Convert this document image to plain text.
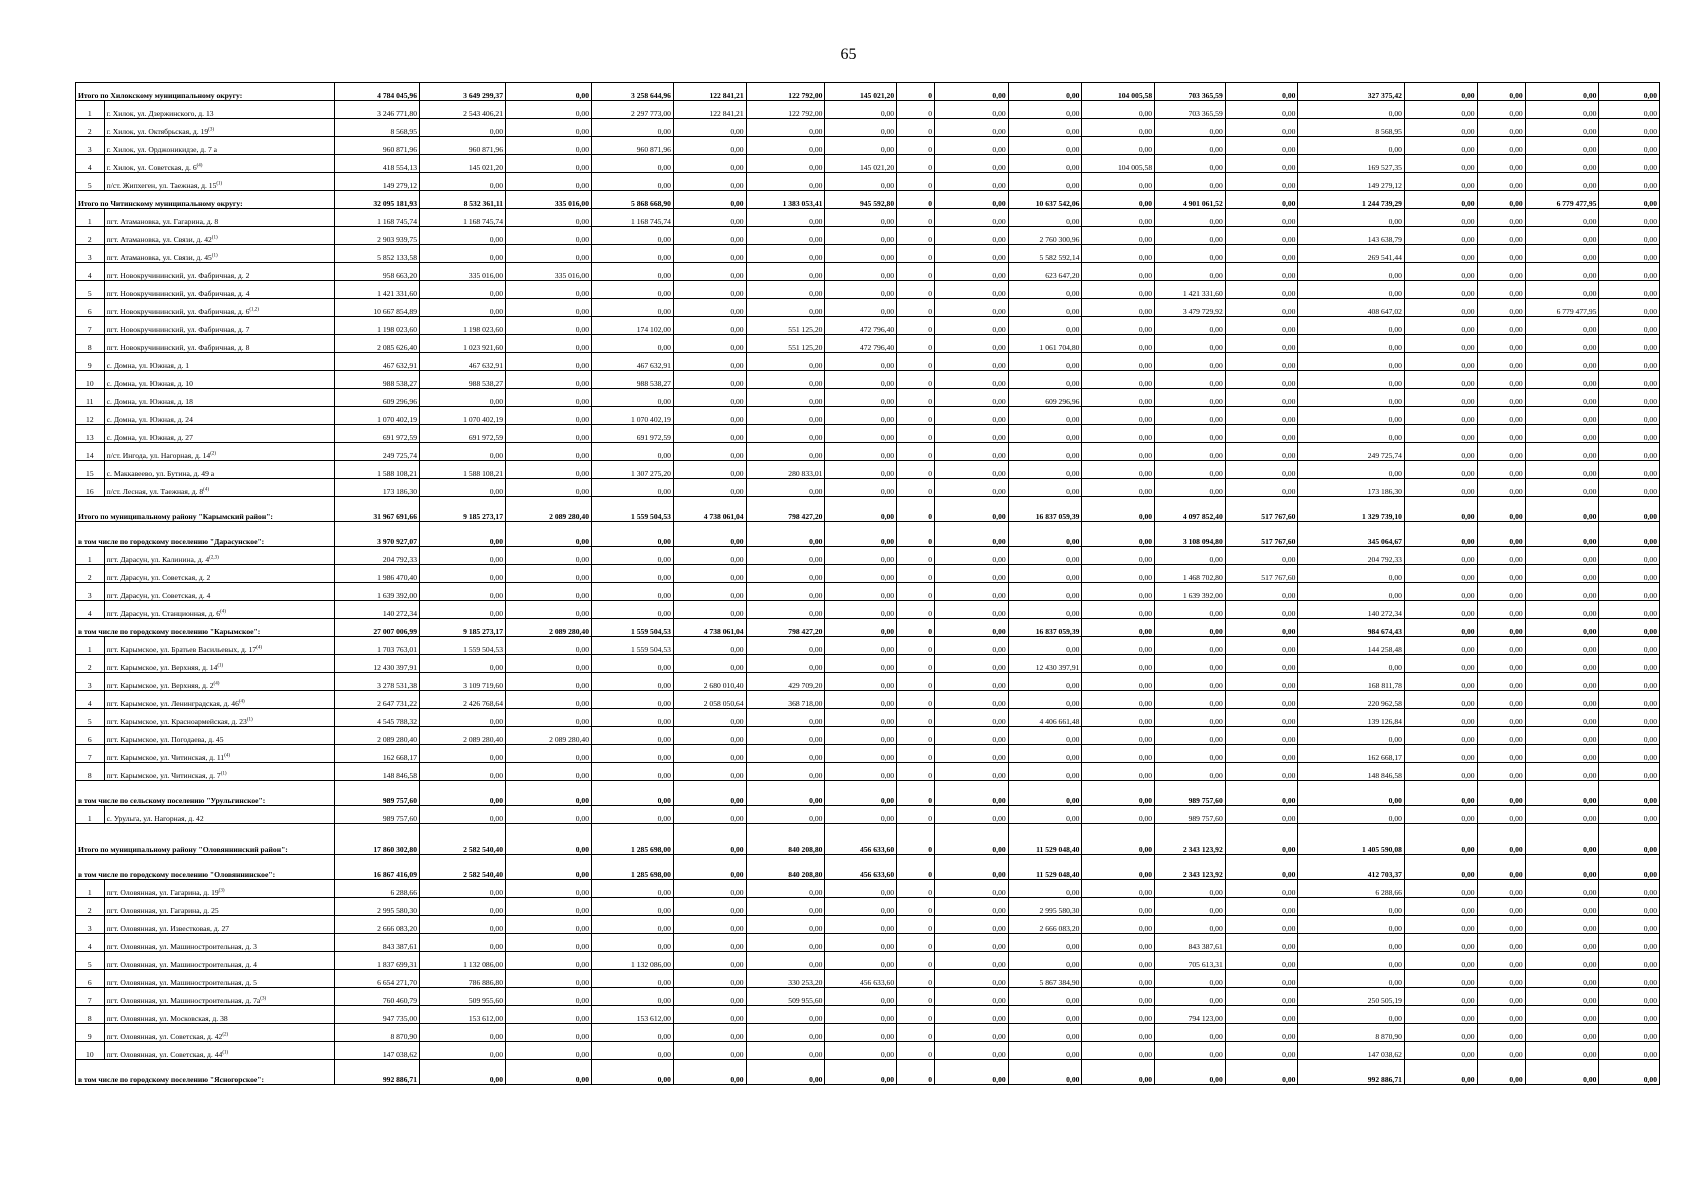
65
Итого по Хилокскому муниципальному округу:		4 784 045,96	3 649 299,37	0,00	3 258 644,96	122 841,21	122 792,00	145 021,20	0	0,00	0,00	104 005,58	703 365,59	0,00	327 375,42	0,00	0,00	0,00	0,00
1	г. Хилок, ул. Дзержинского, д. 13	3 246 771,80	2 543 406,21	0,00	2 297 773,00	122 841,21	122 792,00	0,00	0	0,00	0,00	0,00	703 365,59	0,00	0,00	0,00	0,00	0,00	0,00
2	г. Хилок, ул. Октябрьская, д. 19$^{(3)}$	8 568,95	0,00	0,00	0,00	0,00	0,00	0,00	0	0,00	0,00	0,00	0,00	0,00	8 568,95	0,00	0,00	0,00	0,00
3	г. Хилок, ул. Орджоникидзе, д. 7 а	960 871,96	960 871,96	0,00	960 871,96	0,00	0,00	0,00	0	0,00	0,00	0,00	0,00	0,00	0,00	0,00	0,00	0,00	0,00
4	г. Хилок, ул. Советская, д. 6$^{(4)}$	418 554,13	145 021,20	0,00	0,00	0,00	0,00	145 021,20	0	0,00	0,00	104 005,58	0,00	0,00	169 527,35	0,00	0,00	0,00	0,00
5	п/ст. Жипхеген, ул. Таежная, д. 15$^{(1)}$	149 279,12	0,00	0,00	0,00	0,00	0,00	0,00	0	0,00	0,00	0,00	0,00	0,00	149 279,12	0,00	0,00	0,00	0,00
Итого по Читинскому муниципальному округу:		32 095 181,93	8 532 361,11	335 016,00	5 868 668,90	0,00	1 383 053,41	945 592,80	0	0,00	10 637 542,06	0,00	4 901 061,52	0,00	1 244 739,29	0,00	0,00	6 779 477,95	0,00
1	пгт. Атамановка, ул. Гагарина, д. 8	1 168 745,74	1 168 745,74	0,00	1 168 745,74	0,00	0,00	0,00	0	0,00	0,00	0,00	0,00	0,00	0,00	0,00	0,00	0,00	0,00
2	пгт. Атамановка, ул. Связи, д. 42$^{(1)}$	2 903 939,75	0,00	0,00	0,00	0,00	0,00	0,00	0	0,00	2 760 300,96	0,00	0,00	0,00	143 638,79	0,00	0,00	0,00	0,00
3	пгт. Атамановка, ул. Связи, д. 45$^{(1)}$	5 852 133,58	0,00	0,00	0,00	0,00	0,00	0,00	0	0,00	5 582 592,14	0,00	0,00	0,00	269 541,44	0,00	0,00	0,00	0,00
4	пгт. Новокручининский, ул. Фабричная, д. 2	958 663,20	335 016,00	335 016,00	0,00	0,00	0,00	0,00	0	0,00	623 647,20	0,00	0,00	0,00	0,00	0,00	0,00	0,00	0,00
5	пгт. Новокручининский, ул. Фабричная, д. 4	1 421 331,60	0,00	0,00	0,00	0,00	0,00	0,00	0	0,00	0,00	0,00	1 421 331,60	0,00	0,00	0,00	0,00	0,00	0,00
6	пгт. Новокручининский, ул. Фабричная, д. 6$^{(1,2)}$	10 667 854,89	0,00	0,00	0,00	0,00	0,00	0,00	0	0,00	0,00	0,00	3 479 729,92	0,00	408 647,02	0,00	0,00	6 779 477,95	0,00
7	пгт. Новокручининский, ул. Фабричная, д. 7	1 198 023,60	1 198 023,60	0,00	174 102,00	0,00	551 125,20	472 796,40	0	0,00	0,00	0,00	0,00	0,00	0,00	0,00	0,00	0,00	0,00
8	пгт. Новокручининский, ул. Фабричная, д. 8	2 085 626,40	1 023 921,60	0,00	0,00	0,00	551 125,20	472 796,40	0	0,00	1 061 704,80	0,00	0,00	0,00	0,00	0,00	0,00	0,00	0,00
9	с. Домна, ул. Южная, д. 1	467 632,91	467 632,91	0,00	467 632,91	0,00	0,00	0,00	0	0,00	0,00	0,00	0,00	0,00	0,00	0,00	0,00	0,00	0,00
10	с. Домна, ул. Южная, д. 10	988 538,27	988 538,27	0,00	988 538,27	0,00	0,00	0,00	0	0,00	0,00	0,00	0,00	0,00	0,00	0,00	0,00	0,00	0,00
11	с. Домна, ул. Южная, д. 18	609 296,96	0,00	0,00	0,00	0,00	0,00	0,00	0	0,00	609 296,96	0,00	0,00	0,00	0,00	0,00	0,00	0,00	0,00
12	с. Домна, ул. Южная, д. 24	1 070 402,19	1 070 402,19	0,00	1 070 402,19	0,00	0,00	0,00	0	0,00	0,00	0,00	0,00	0,00	0,00	0,00	0,00	0,00	0,00
13	с. Домна, ул. Южная, д. 27	691 972,59	691 972,59	0,00	691 972,59	0,00	0,00	0,00	0	0,00	0,00	0,00	0,00	0,00	0,00	0,00	0,00	0,00	0,00
14	п/ст. Ингода, ул. Нагорная, д. 14$^{(2)}$	249 725,74	0,00	0,00	0,00	0,00	0,00	0,00	0	0,00	0,00	0,00	0,00	0,00	249 725,74	0,00	0,00	0,00	0,00
15	с. Маккавеево, ул. Бутина, д. 49 а	1 588 108,21	1 588 108,21	0,00	1 307 275,20	0,00	280 833,01	0,00	0	0,00	0,00	0,00	0,00	0,00	0,00	0,00	0,00	0,00	0,00
16	п/ст. Лесная, ул. Таежная, д. 8$^{(4)}$	173 186,30	0,00	0,00	0,00	0,00	0,00	0,00	0	0,00	0,00	0,00	0,00	0,00	173 186,30	0,00	0,00	0,00	0,00
Итого по муниципальному району "Карымский район":		31 967 691,66	9 185 273,17	2 089 280,40	1 559 504,53	4 738 061,04	798 427,20	0,00	0	0,00	16 837 059,39	0,00	4 097 852,40	517 767,60	1 329 739,10	0,00	0,00	0,00	0,00
в том числе по городскому поселению "Дарасунское":		3 970 927,07	0,00	0,00	0,00	0,00	0,00	0,00	0	0,00	0,00	0,00	3 108 094,80	517 767,60	345 064,67	0,00	0,00	0,00	0,00
1	пгт. Дарасун, ул. Калинина, д. 4$^{(2,3)}$	204 792,33	0,00	0,00	0,00	0,00	0,00	0,00	0	0,00	0,00	0,00	0,00	0,00	204 792,33	0,00	0,00	0,00	0,00
2	пгт. Дарасун, ул. Советская, д. 2	1 986 470,40	0,00	0,00	0,00	0,00	0,00	0,00	0	0,00	0,00	0,00	1 468 702,80	517 767,60	0,00	0,00	0,00	0,00	0,00
3	пгт. Дарасун, ул. Советская, д. 4	1 639 392,00	0,00	0,00	0,00	0,00	0,00	0,00	0	0,00	0,00	0,00	1 639 392,00	0,00	0,00	0,00	0,00	0,00	0,00
4	пгт. Дарасун, ул. Станционная, д. 6$^{(4)}$	140 272,34	0,00	0,00	0,00	0,00	0,00	0,00	0	0,00	0,00	0,00	0,00	0,00	140 272,34	0,00	0,00	0,00	0,00
в том числе по городскому поселению "Карымское":		27 007 006,99	9 185 273,17	2 089 280,40	1 559 504,53	4 738 061,04	798 427,20	0,00	0	0,00	16 837 059,39	0,00	0,00	0,00	984 674,43	0,00	0,00	0,00	0,00
1	пгт. Карымское, ул. Братьев Васильевых, д. 17$^{(4)}$	1 703 763,01	1 559 504,53	0,00	1 559 504,53	0,00	0,00	0,00	0	0,00	0,00	0,00	0,00	0,00	144 258,48	0,00	0,00	0,00	0,00
2	пгт. Карымское, ул. Верхняя, д. 14$^{(1)}$	12 430 397,91	0,00	0,00	0,00	0,00	0,00	0,00	0	0,00	12 430 397,91	0,00	0,00	0,00	0,00	0,00	0,00	0,00	0,00
3	пгт. Карымское, ул. Верхняя, д. 2$^{(4)}$	3 278 531,38	3 109 719,60	0,00	0,00	2 680 010,40	429 709,20	0,00	0	0,00	0,00	0,00	0,00	0,00	168 811,78	0,00	0,00	0,00	0,00
4	пгт. Карымское, ул. Ленинградская, д. 46$^{(4)}$	2 647 731,22	2 426 768,64	0,00	0,00	2 058 050,64	368 718,00	0,00	0	0,00	0,00	0,00	0,00	0,00	220 962,58	0,00	0,00	0,00	0,00
5	пгт. Карымское, ул. Красноармейская, д. 23$^{(1)}$	4 545 788,32	0,00	0,00	0,00	0,00	0,00	0,00	0	0,00	4 406 661,48	0,00	0,00	0,00	139 126,84	0,00	0,00	0,00	0,00
6	пгт. Карымское, ул. Погодаева, д. 45	2 089 280,40	2 089 280,40	2 089 280,40	0,00	0,00	0,00	0,00	0	0,00	0,00	0,00	0,00	0,00	0,00	0,00	0,00	0,00	0,00
7	пгт. Карымское, ул. Читинская, д. 11$^{(4)}$	162 668,17	0,00	0,00	0,00	0,00	0,00	0,00	0	0,00	0,00	0,00	0,00	0,00	162 668,17	0,00	0,00	0,00	0,00
8	пгт. Карымское, ул. Читинская, д. 7$^{(1)}$	148 846,58	0,00	0,00	0,00	0,00	0,00	0,00	0	0,00	0,00	0,00	0,00	0,00	148 846,58	0,00	0,00	0,00	0,00
в том числе по сельскому поселению "Урульгинское":		989 757,60	0,00	0,00	0,00	0,00	0,00	0,00	0	0,00	0,00	0,00	989 757,60	0,00	0,00	0,00	0,00	0,00	0,00
1	с. Урульга, ул. Нагорная, д. 42	989 757,60	0,00	0,00	0,00	0,00	0,00	0,00	0	0,00	0,00	0,00	989 757,60	0,00	0,00	0,00	0,00	0,00	0,00
Итого по муниципальному району "Оловяннинский район":		17 860 302,80	2 582 540,40	0,00	1 285 698,00	0,00	840 208,80	456 633,60	0	0,00	11 529 048,40	0,00	2 343 123,92	0,00	1 405 590,08	0,00	0,00	0,00	0,00
в том числе по городскому поселению "Оловяннинское":		16 867 416,09	2 582 540,40	0,00	1 285 698,00	0,00	840 208,80	456 633,60	0	0,00	11 529 048,40	0,00	2 343 123,92	0,00	412 703,37	0,00	0,00	0,00	0,00
1	пгт. Оловянная, ул. Гагарина, д. 19$^{(3)}$	6 288,66	0,00	0,00	0,00	0,00	0,00	0,00	0	0,00	0,00	0,00	0,00	0,00	6 288,66	0,00	0,00	0,00	0,00
2	пгт. Оловянная, ул. Гагарина, д. 25	2 995 580,30	0,00	0,00	0,00	0,00	0,00	0,00	0	0,00	2 995 580,30	0,00	0,00	0,00	0,00	0,00	0,00	0,00	0,00
3	пгт. Оловянная, ул. Известковая, д. 27	2 666 083,20	0,00	0,00	0,00	0,00	0,00	0,00	0	0,00	2 666 083,20	0,00	0,00	0,00	0,00	0,00	0,00	0,00	0,00
4	пгт. Оловянная, ул. Машиностроительная, д. 3	843 387,61	0,00	0,00	0,00	0,00	0,00	0,00	0	0,00	0,00	0,00	843 387,61	0,00	0,00	0,00	0,00	0,00	0,00
5	пгт. Оловянная, ул. Машиностроительная, д. 4	1 837 699,31	1 132 086,00	0,00	1 132 086,00	0,00	0,00	0,00	0	0,00	0,00	0,00	705 613,31	0,00	0,00	0,00	0,00	0,00	0,00
6	пгт. Оловянная, ул. Машиностроительная, д. 5	6 654 271,70	786 886,80	0,00	0,00	0,00	330 253,20	456 633,60	0	0,00	5 867 384,90	0,00	0,00	0,00	0,00	0,00	0,00	0,00	0,00
7	пгт. Оловянная, ул. Машиностроительная, д. $7а^{(3)}$	760 460,79	509 955,60	0,00	0,00	0,00	509 955,60	0,00	0	0,00	0,00	0,00	0,00	0,00	250 505,19	0,00	0,00	0,00	0,00
8	пгт. Оловянная, ул. Московская, д. 38	947 735,00	153 612,00	0,00	153 612,00	0,00	0,00	0,00	0	0,00	0,00	0,00	794 123,00	0,00	0,00	0,00	0,00	0,00	0,00
9	пгт. Оловянная, ул. Советская, д. 42$^{(2)}$	8 870,90	0,00	0,00	0,00	0,00	0,00	0,00	0	0,00	0,00	0,00	0,00	0,00	8 870,90	0,00	0,00	0,00	0,00
10	пгт. Оловянная, ул. Советская, д. 44$^{(1)}$	147 038,62	0,00	0,00	0,00	0,00	0,00	0,00	0	0,00	0,00	0,00	0,00	0,00	147 038,62	0,00	0,00	0,00	0,00
в том числе по городскому поселению "Ясногорское":		992 886,71	0,00	0,00	0,00	0,00	0,00	0,00	0	0,00	0,00	0,00	0,00	0,00	992 886,71	0,00	0,00	0,00	0,00
